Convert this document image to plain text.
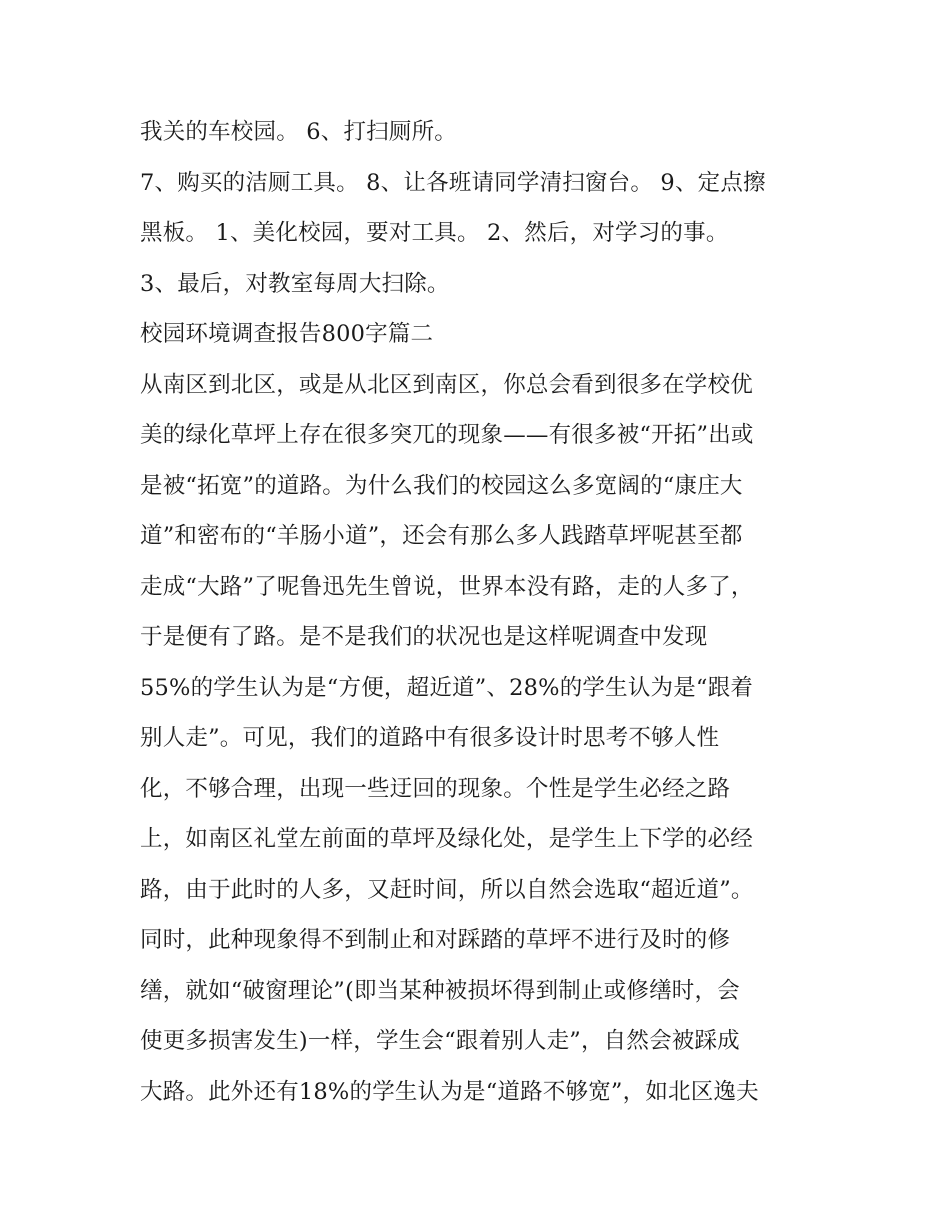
我关的车校园。 6、打扫厕所。
7、购买的洁厕工具。 8、让各班请同学清扫窗台。 9、定点擦
黑板。 1、美化校园，要对工具。 2、然后，对学习的事。
3、最后，对教室每周大扫除。
校园环境调查报告800字篇二
从南区到北区，或是从北区到南区，你总会看到很多在学校优
美的绿化草坪上存在很多突兀的现象——有很多被“开拓”出或
是被“拓宽”的道路。为什么我们的校园这么多宽阔的“康庄大
道”和密布的“羊肠小道”，还会有那么多人践踏草坪呢甚至都
走成“大路”了呢鲁迅先生曾说，世界本没有路，走的人多了，
于是便有了路。是不是我们的状况也是这样呢调查中发现
55%的学生认为是“方便，超近道”、28%的学生认为是“跟着
别人走”。可见，我们的道路中有很多设计时思考不够人性
化，不够合理，出现一些迂回的现象。个性是学生必经之路
上，如南区礼堂左前面的草坪及绿化处，是学生上下学的必经
路，由于此时的人多，又赶时间，所以自然会选取“超近道”。
同时，此种现象得不到制止和对踩踏的草坪不进行及时的修
缮，就如“破窗理论”(即当某种被损坏得到制止或修缮时，会
使更多损害发生)一样，学生会“跟着别人走”，自然会被踩成
大路。此外还有18%的学生认为是“道路不够宽”，如北区逸夫
